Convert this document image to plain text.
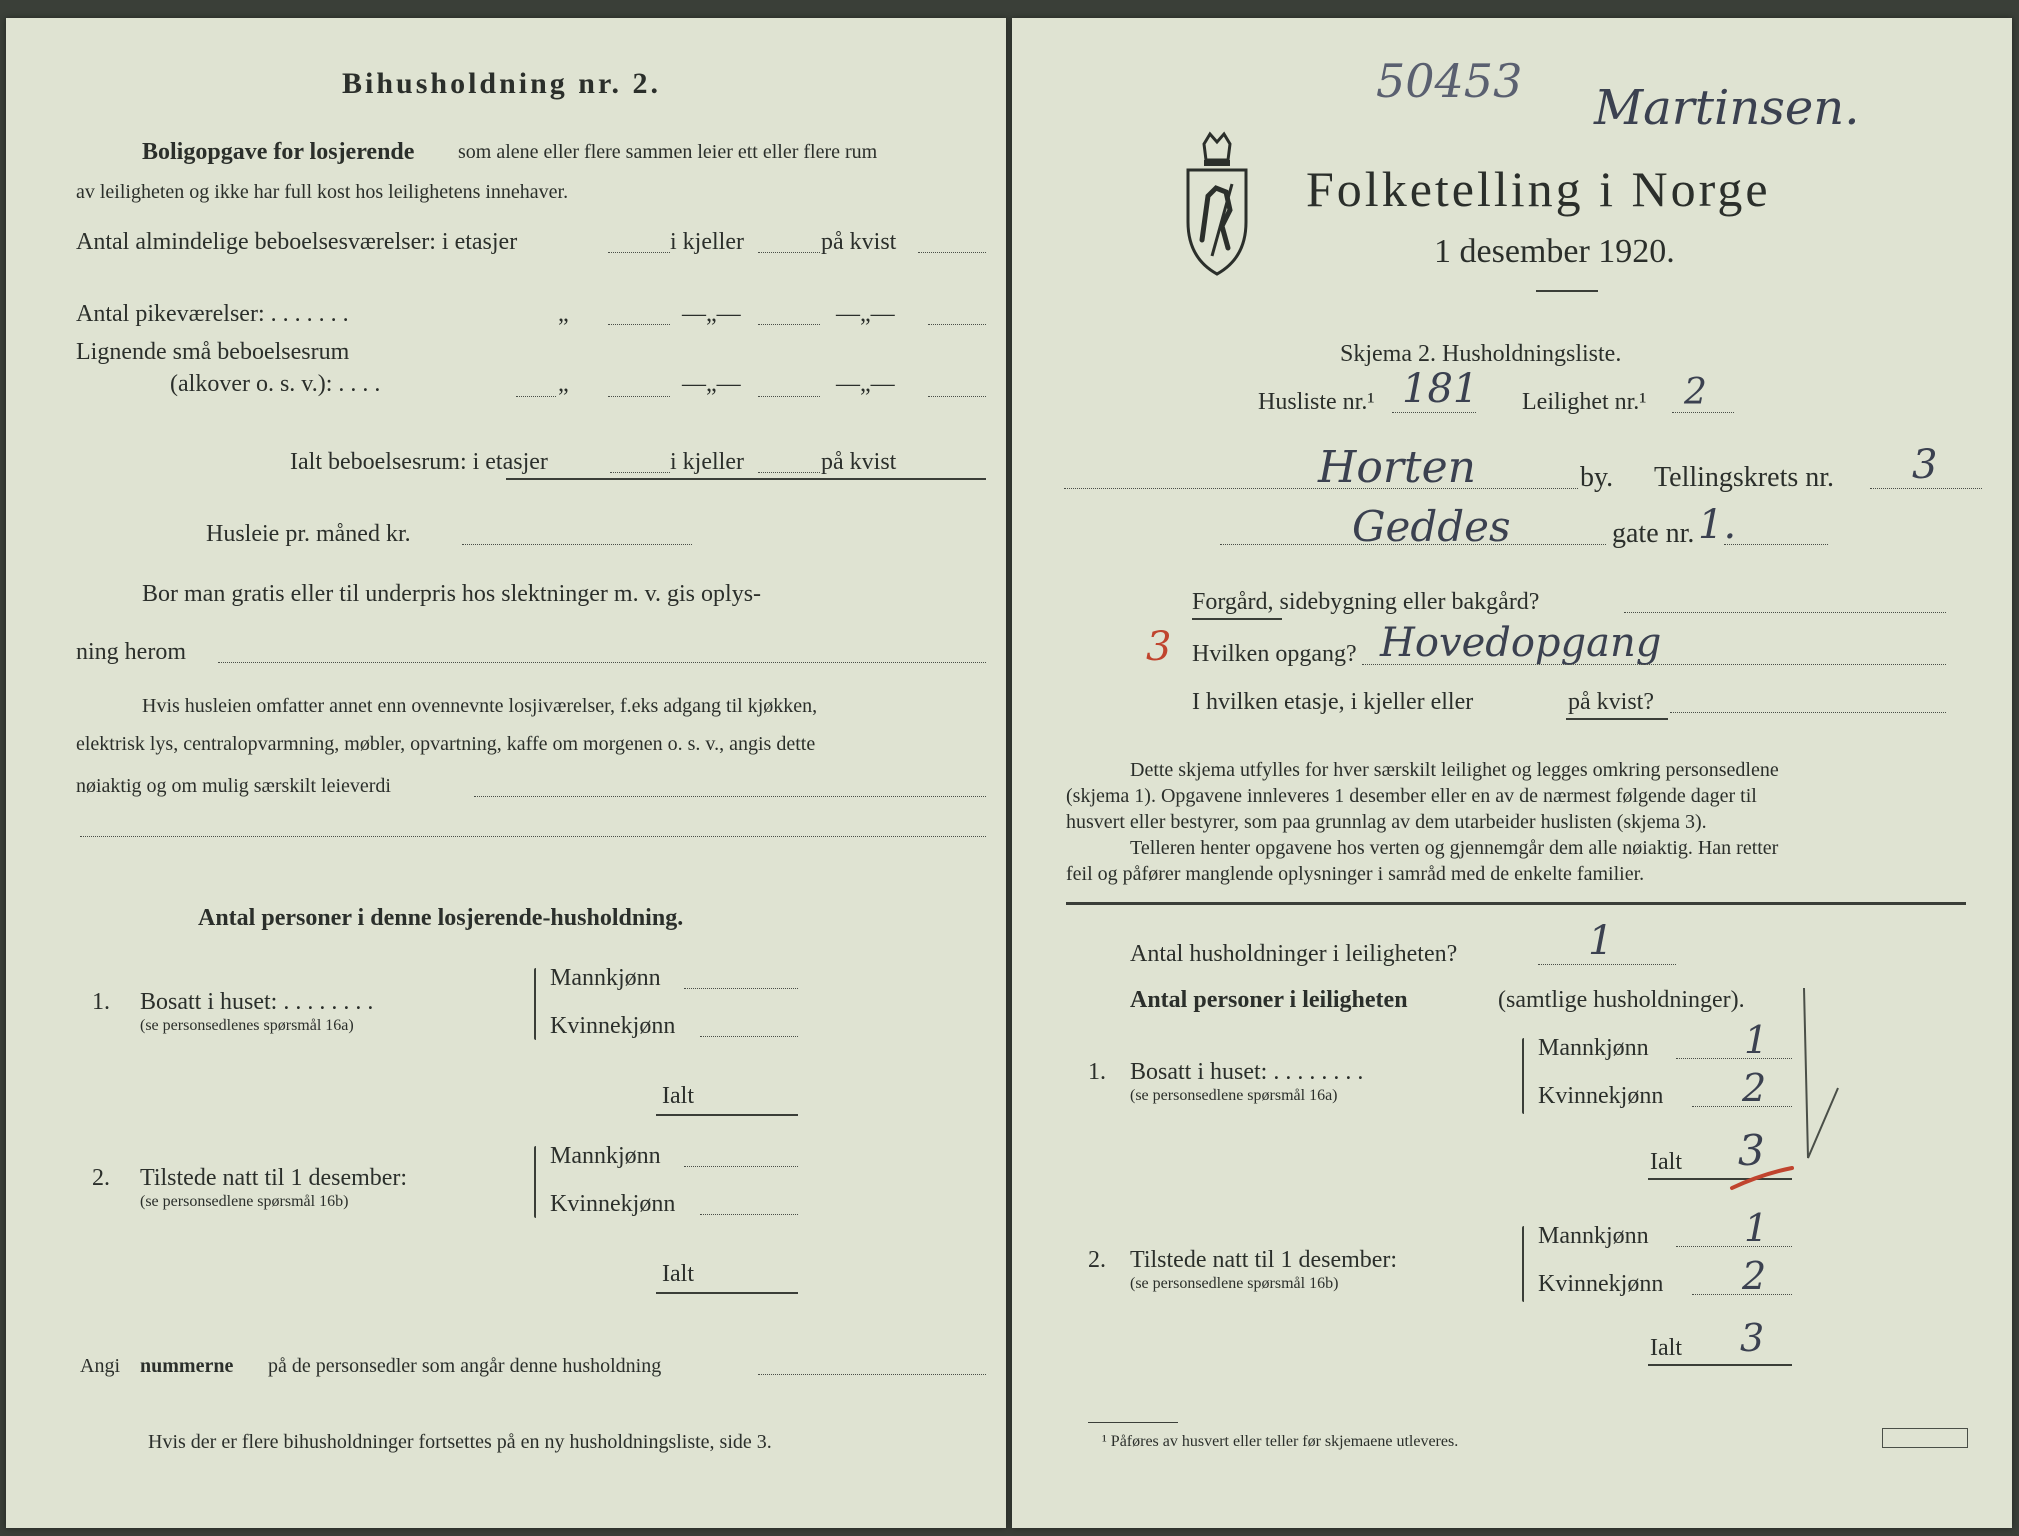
Bihusholdning nr. 2.
Boligopgave for losjerende som alene eller flere sammen leier ett eller flere rum
av leiligheten og ikke har full kost hos leilighetens innehaver.
Antal almindelige beboelsesværelser: i etasjer	i kjeller	på kvist
Antal pikeværelser: . . . . . . .	„	—„—	—„—
Lignende små beboelsesrum
(alkover o. s. v.): . . . .	„	—„—	—„—
Ialt beboelsesrum: i etasjer	i kjeller	på kvist
Husleie pr. måned kr.
Bor man gratis eller til underpris hos slektninger m. v. gis oplys-
ning herom
Hvis husleien omfatter annet enn ovennevnte losjiværelser, f.eks adgang til kjøkken,
elektrisk lys, centralopvarmning, møbler, opvartning, kaffe om morgenen o. s. v., angis dette
nøiaktig og om mulig særskilt leieverdi
Antal personer i denne losjerende-husholdning.
1. Bosatt i huset: . . . . . . . .
(se personsedlenes spørsmål 16a)
Mannkjønn
Kvinnekjønn
Ialt
2. Tilstede natt til 1 desember:
(se personsedlene spørsmål 16b)
Mannkjønn
Kvinnekjønn
Ialt
Angi nummerne på de personsedler som angår denne husholdning
Hvis der er flere bihusholdninger fortsettes på en ny husholdningsliste, side 3.
50453 Martinsen.
Folketelling i Norge
1 desember 1920.
Skjema 2. Husholdningsliste.
Husliste nr.¹ 181 Leilighet nr.¹ 2
Horten	by. Tellingskrets nr. 3
Geddes	gate nr. 1.
Forgård, sidebygning eller bakgård?
3 Hvilken opgang? Hovedopgang
I hvilken etasje, i kjeller eller	på kvist?
Dette skjema utfylles for hver særskilt leilighet og legges omkring personsedlene
(skjema 1). Opgavene innleveres 1 desember eller en av de nærmest følgende dager til
husvert eller bestyrer, som paa grunnlag av dem utarbeider huslisten (skjema 3).
Telleren henter opgavene hos verten og gjennemgår dem alle nøiaktig. Han retter
feil og påfører manglende oplysninger i samråd med de enkelte familier.
Antal husholdninger i leiligheten?	1
Antal personer i leiligheten	(samtlige husholdninger).
1. Bosatt i huset: . . . . . . . .
(se personsedlene spørsmål 16a)
Mannkjønn	1
Kvinnekjønn 2
Ialt 3
2. Tilstede natt til 1 desember:
(se personsedlene spørsmål 16b)
Mannkjønn	1
Kvinnekjønn 2
Ialt 3
¹ Påføres av husvert eller teller før skjemaene utleveres.
